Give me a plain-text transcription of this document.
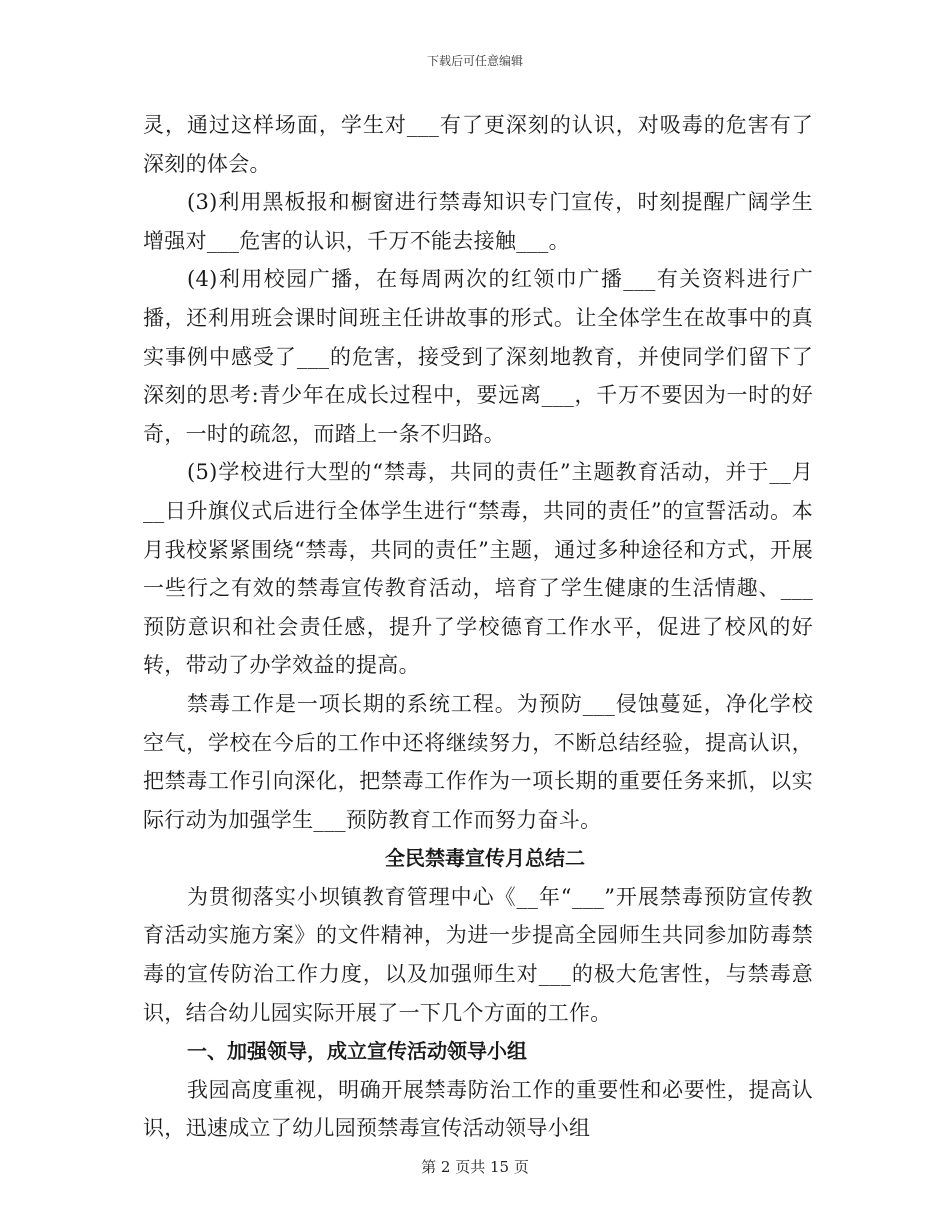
下载后可任意编辑

灵，通过这样场面，学生对___有了更深刻的认识，对吸毒的危害有了深刻的体会。

(3)利用黑板报和橱窗进行禁毒知识专门宣传，时刻提醒广阔学生增强对___危害的认识，千万不能去接触___。

(4)利用校园广播，在每周两次的红领巾广播___有关资料进行广播，还利用班会课时间班主任讲故事的形式。让全体学生在故事中的真实事例中感受了___的危害，接受到了深刻地教育，并使同学们留下了深刻的思考:青少年在成长过程中，要远离___，千万不要因为一时的好奇，一时的疏忽，而踏上一条不归路。

(5)学校进行大型的“禁毒，共同的责任”主题教育活动，并于__月__日升旗仪式后进行全体学生进行“禁毒，共同的责任”的宣誓活动。本月我校紧紧围绕“禁毒，共同的责任”主题，通过多种途径和方式，开展一些行之有效的禁毒宣传教育活动，培育了学生健康的生活情趣、___预防意识和社会责任感，提升了学校德育工作水平，促进了校风的好转，带动了办学效益的提高。

禁毒工作是一项长期的系统工程。为预防___侵蚀蔓延，净化学校空气，学校在今后的工作中还将继续努力，不断总结经验，提高认识，把禁毒工作引向深化，把禁毒工作作为一项长期的重要任务来抓，以实际行动为加强学生___预防教育工作而努力奋斗。

全民禁毒宣传月总结二

为贯彻落实小坝镇教育管理中心《__年“___”开展禁毒预防宣传教育活动实施方案》的文件精神，为进一步提高全园师生共同参加防毒禁毒的宣传防治工作力度，以及加强师生对___的极大危害性，与禁毒意识，结合幼儿园实际开展了一下几个方面的工作。

一、加强领导，成立宣传活动领导小组

我园高度重视，明确开展禁毒防治工作的重要性和必要性，提高认识，迅速成立了幼儿园预禁毒宣传活动领导小组

第 2 页共 15 页
